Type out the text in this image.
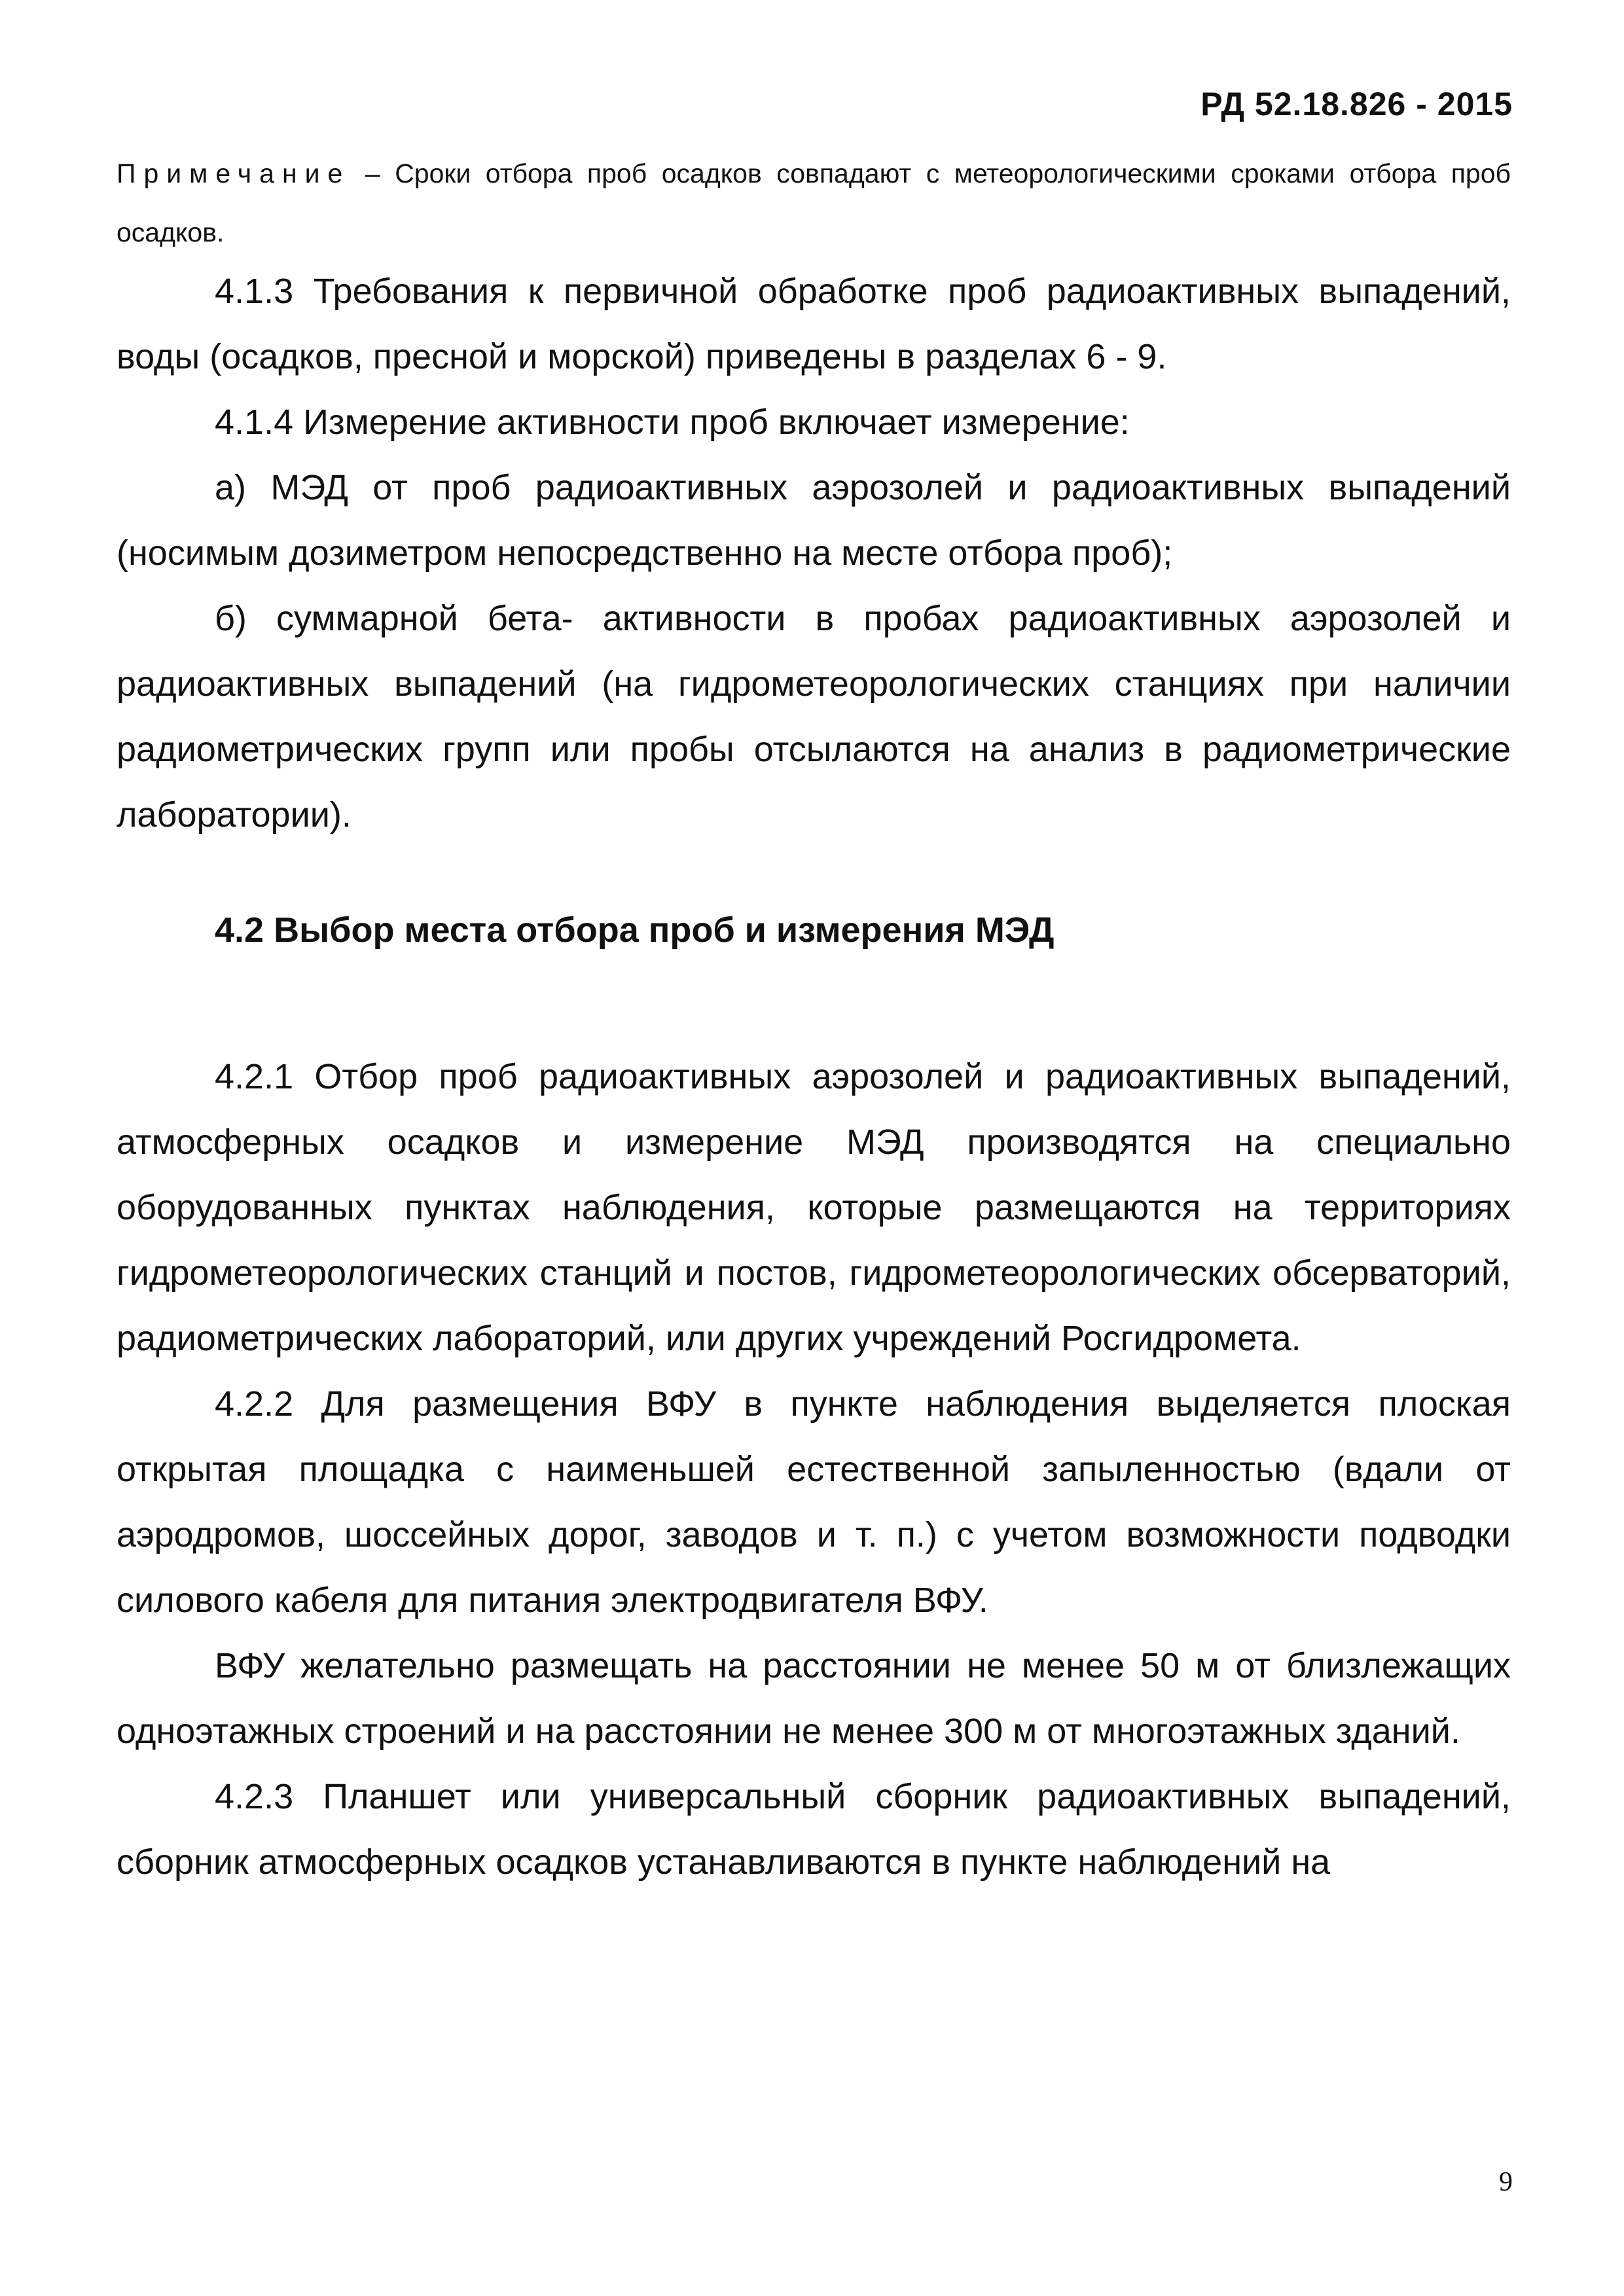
РД 52.18.826 - 2015
Примечание – Сроки отбора проб осадков совпадают с метеорологическими сроками отбора проб осадков.

4.1.3 Требования к первичной обработке проб радиоактивных выпадений, воды (осадков, пресной и морской) приведены в разделах 6 - 9.

4.1.4 Измерение активности проб включает измерение:

а) МЭД от проб радиоактивных аэрозолей и радиоактивных выпадений (носимым дозиметром непосредственно на месте отбора проб);

б) суммарной бета- активности в пробах радиоактивных аэрозолей и радиоактивных выпадений (на гидрометеорологических станциях при наличии радиометрических групп или пробы отсылаются на анализ в радиометрические лаборатории).

4.2 Выбор места отбора проб и измерения МЭД

4.2.1 Отбор проб радиоактивных аэрозолей и радиоактивных выпадений, атмосферных осадков и измерение МЭД производятся на специально оборудованных пунктах наблюдения, которые размещаются на территориях гидрометеорологических станций и постов, гидрометеорологических обсерваторий, радиометрических лабораторий, или других учреждений Росгидромета.

4.2.2 Для размещения ВФУ в пункте наблюдения выделяется плоская открытая площадка с наименьшей естественной запыленностью (вдали от аэродромов, шоссейных дорог, заводов и т. п.) с учетом возможности подводки силового кабеля для питания электродвигателя ВФУ.

ВФУ желательно размещать на расстоянии не менее 50 м от близлежащих одноэтажных строений и на расстоянии не менее 300 м от многоэтажных зданий.

4.2.3 Планшет или универсальный сборник радиоактивных выпадений, сборник атмосферных осадков устанавливаются в пункте наблюдений на

9
